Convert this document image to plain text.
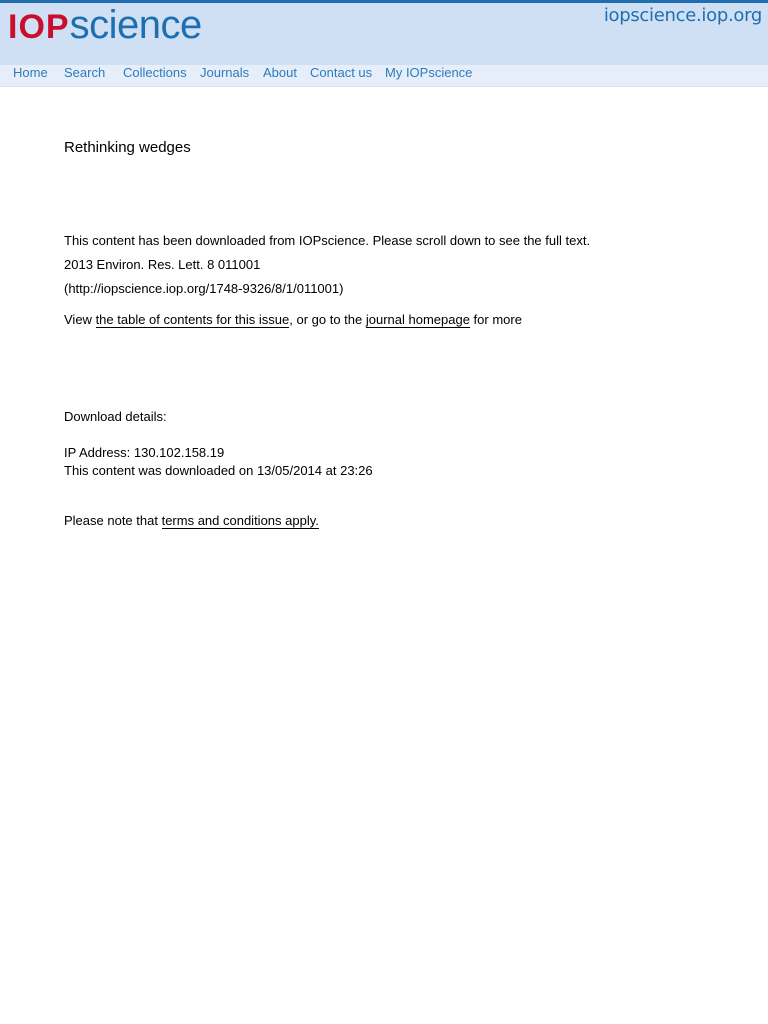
IOP science	iopscience.iop.org
Home Search Collections Journals About Contact us My IOPscience
Rethinking wedges
This content has been downloaded from IOPscience. Please scroll down to see the full text.
2013 Environ. Res. Lett. 8 011001
(http://iopscience.iop.org/1748-9326/8/1/011001)
View the table of contents for this issue, or go to the journal homepage for more
Download details:
IP Address: 130.102.158.19
This content was downloaded on 13/05/2014 at 23:26
Please note that terms and conditions apply.
